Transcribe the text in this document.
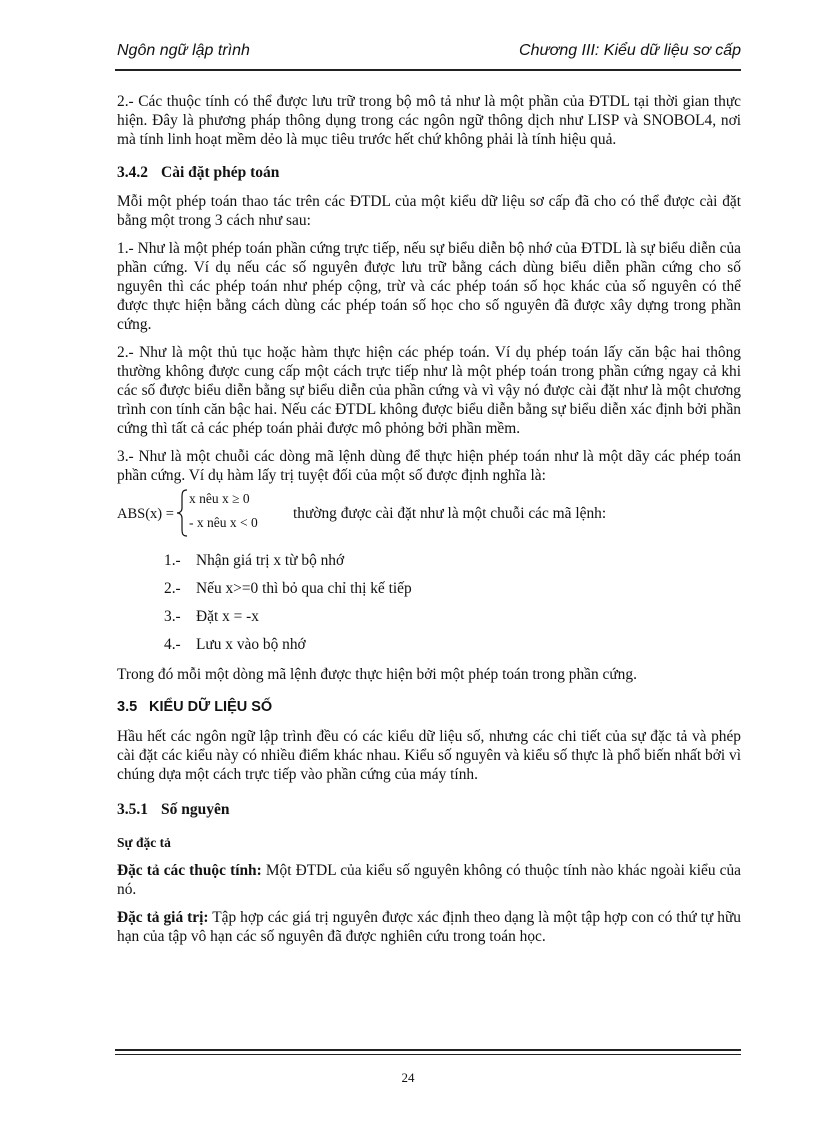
Ngôn ngữ lập trình	Chương III: Kiểu dữ liệu sơ cấp

2.- Các thuộc tính có thể được lưu trữ trong bộ mô tả như là một phần của ĐTDL tại thời gian thực hiện. Đây là phương pháp thông dụng trong các ngôn ngữ thông dịch như LISP và SNOBOL4, nơi mà tính linh hoạt mềm dẻo là mục tiêu trước hết chứ không phải là tính hiệu quả.

3.4.2 Cài đặt phép toán

Mỗi một phép toán thao tác trên các ĐTDL của một kiểu dữ liệu sơ cấp đã cho có thể được cài đặt bằng một trong 3 cách như sau:

1.- Như là một phép toán phần cứng trực tiếp, nếu sự biểu diễn bộ nhớ của ĐTDL là sự biểu diễn của phần cứng. Ví dụ nếu các số nguyên được lưu trữ bằng cách dùng biểu diễn phần cứng cho số nguyên thì các phép toán như phép cộng, trừ và các phép toán số học khác của số nguyên có thể được thực hiện bằng cách dùng các phép toán số học cho số nguyên đã được xây dựng trong phần cứng.

2.- Như là một thủ tục hoặc hàm thực hiện các phép toán. Ví dụ phép toán lấy căn bậc hai thông thường không được cung cấp một cách trực tiếp như là một phép toán trong phần cứng ngay cả khi các số được biểu diễn bằng sự biểu diễn của phần cứng và vì vậy nó được cài đặt như là một chương trình con tính căn bậc hai. Nếu các ĐTDL không được biểu diễn bằng sự biểu diễn xác định bởi phần cứng thì tất cả các phép toán phải được mô phỏng bởi phần mềm.

3.- Như là một chuỗi các dòng mã lệnh dùng để thực hiện phép toán như là một dãy các phép toán phần cứng. Ví dụ hàm lấy trị tuyệt đối của một số được định nghĩa là:

ABS(x) =
x nêu x ≥ 0
- x nêu x < 0
thường được cài đặt như là một chuỗi các mã lệnh:
1.- Nhận giá trị x từ bộ nhớ
2.- Nếu x>=0 thì bỏ qua chỉ thị kế tiếp
3.- Đặt x = -x
4.- Lưu x vào bộ nhớ

Trong đó mỗi một dòng mã lệnh được thực hiện bởi một phép toán trong phần cứng.

3.5 KIỂU DỮ LIỆU SỐ

Hầu hết các ngôn ngữ lập trình đều có các kiểu dữ liệu số, nhưng các chi tiết của sự đặc tả và phép cài đặt các kiểu này có nhiều điểm khác nhau. Kiểu số nguyên và kiểu số thực là phổ biến nhất bởi vì chúng dựa một cách trực tiếp vào phần cứng của máy tính.

3.5.1 Số nguyên
Sự đặc tả

Đặc tả các thuộc tính: Một ĐTDL của kiểu số nguyên không có thuộc tính nào khác ngoài kiểu của nó.

Đặc tả giá trị: Tập hợp các giá trị nguyên được xác định theo dạng là một tập hợp con có thứ tự hữu hạn của tập vô hạn các số nguyên đã được nghiên cứu trong toán học.

24
